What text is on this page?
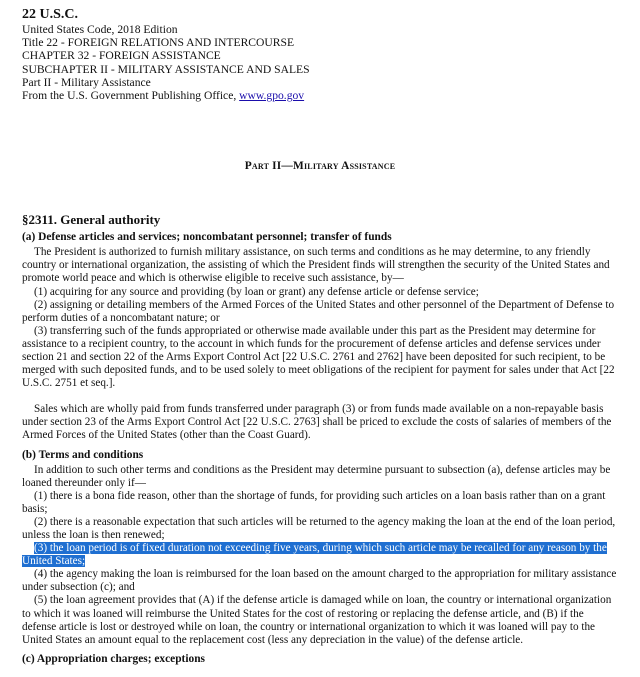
22 U.S.C.
United States Code, 2018 Edition
Title 22 - FOREIGN RELATIONS AND INTERCOURSE
CHAPTER 32 - FOREIGN ASSISTANCE
SUBCHAPTER II - MILITARY ASSISTANCE AND SALES
Part II - Military Assistance
From the U.S. Government Publishing Office, www.gpo.gov
Part II—Military Assistance
§2311. General authority
(a) Defense articles and services; noncombatant personnel; transfer of funds

The President is authorized to furnish military assistance, on such terms and conditions as he may determine, to any friendly country or international organization, the assisting of which the President finds will strengthen the security of the United States and promote world peace and which is otherwise eligible to receive such assistance, by—

(1) acquiring for any source and providing (by loan or grant) any defense article or defense service;

(2) assigning or detailing members of the Armed Forces of the United States and other personnel of the Department of Defense to perform duties of a noncombatant nature; or

(3) transferring such of the funds appropriated or otherwise made available under this part as the President may determine for assistance to a recipient country, to the account in which funds for the procurement of defense articles and defense services under section 21 and section 22 of the Arms Export Control Act [22 U.S.C. 2761 and 2762] have been deposited for such recipient, to be merged with such deposited funds, and to be used solely to meet obligations of the recipient for payment for sales under that Act [22 U.S.C. 2751 et seq.].

Sales which are wholly paid from funds transferred under paragraph (3) or from funds made available on a non-repayable basis under section 23 of the Arms Export Control Act [22 U.S.C. 2763] shall be priced to exclude the costs of salaries of members of the Armed Forces of the United States (other than the Coast Guard).

(b) Terms and conditions

In addition to such other terms and conditions as the President may determine pursuant to subsection (a), defense articles may be loaned thereunder only if—

(1) there is a bona fide reason, other than the shortage of funds, for providing such articles on a loan basis rather than on a grant basis;

(2) there is a reasonable expectation that such articles will be returned to the agency making the loan at the end of the loan period, unless the loan is then renewed;

(3) the loan period is of fixed duration not exceeding five years, during which such article may be recalled for any reason by the United States;

(4) the agency making the loan is reimbursed for the loan based on the amount charged to the appropriation for military assistance under subsection (c); and

(5) the loan agreement provides that (A) if the defense article is damaged while on loan, the country or international organization to which it was loaned will reimburse the United States for the cost of restoring or replacing the defense article, and (B) if the defense article is lost or destroyed while on loan, the country or international organization to which it was loaned will pay to the United States an amount equal to the replacement cost (less any depreciation in the value) of the defense article.

(c) Appropriation charges; exceptions
